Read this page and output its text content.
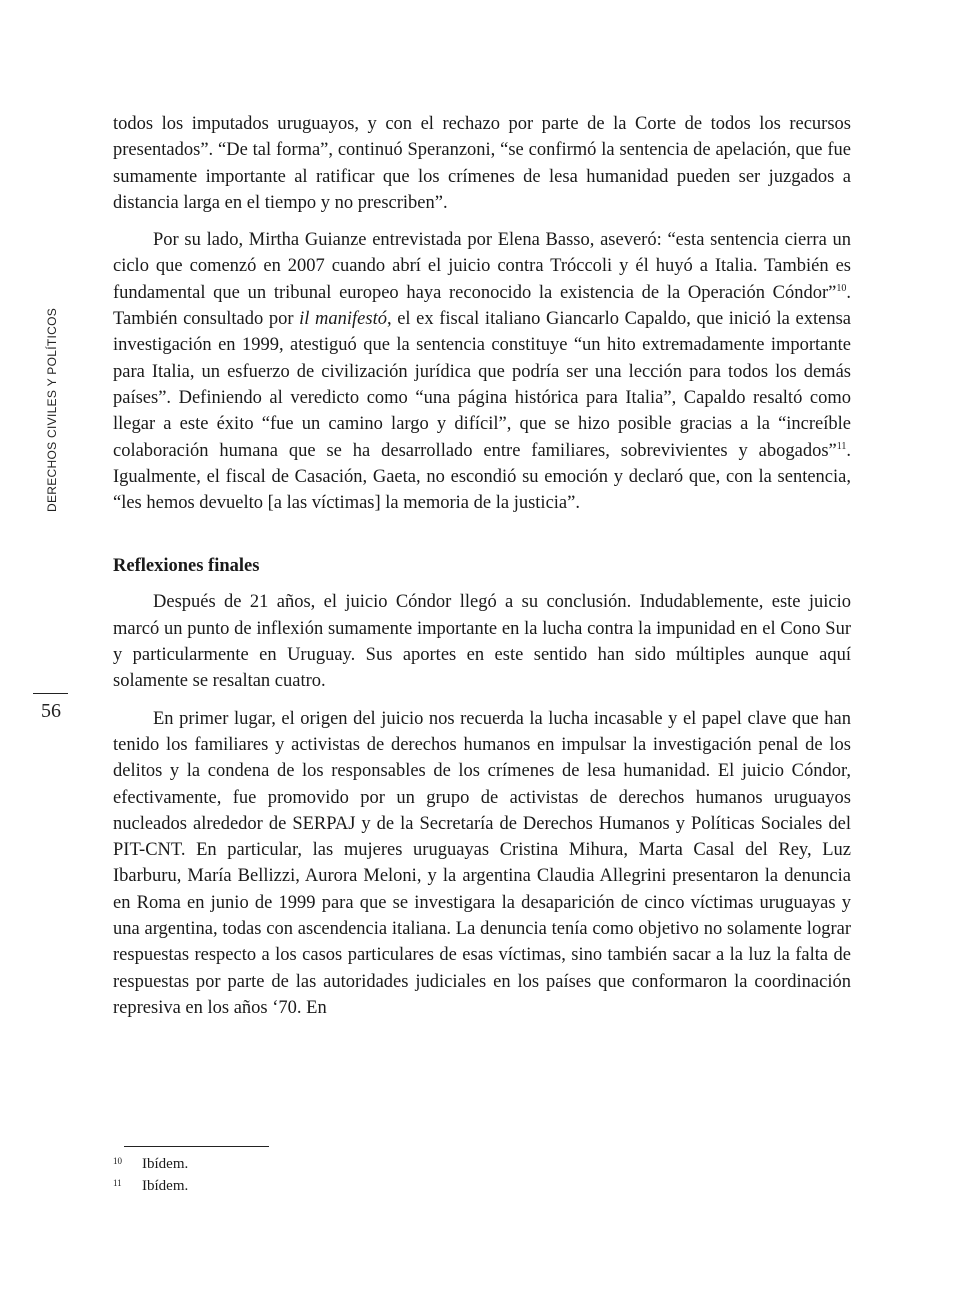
DERECHOS CIVILES Y POLÍTICOS
56

todos los imputados uruguayos, y con el rechazo por parte de la Corte de todos los recursos presentados”. “De tal forma”, continuó Speranzoni, “se confirmó la sentencia de apelación, que fue sumamente importante al ratificar que los crímenes de lesa humanidad pueden ser juzgados a distancia larga en el tiempo y no prescriben”.

Por su lado, Mirtha Guianze entrevistada por Elena Basso, aseveró: “esta sentencia cierra un ciclo que comenzó en 2007 cuando abrí el juicio contra Tróccoli y él huyó a Italia. También es fundamental que un tribunal europeo haya reconocido la existencia de la Operación Cóndor”$^{10}$. También consultado por il manifestó, el ex fiscal italiano Giancarlo Capaldo, que inició la extensa investigación en 1999, atestiguó que la sentencia constituye “un hito extremadamente importante para Italia, un esfuerzo de civilización jurídica que podría ser una lección para todos los demás países”. Definiendo al veredicto como “una página histórica para Italia”, Capaldo resaltó como llegar a este éxito “fue un camino largo y difícil”, que se hizo posible gracias a la “increíble colaboración humana que se ha desarrollado entre familiares, sobrevivientes y abogados”$^{11}$. Igualmente, el fiscal de Casación, Gaeta, no escondió su emoción y declaró que, con la sentencia, “les hemos devuelto [a las víctimas] la memoria de la justicia”.

Reflexiones finales

Después de 21 años, el juicio Cóndor llegó a su conclusión. Indudablemente, este juicio marcó un punto de inflexión sumamente importante en la lucha contra la impunidad en el Cono Sur y particularmente en Uruguay. Sus aportes en este sentido han sido múltiples aunque aquí solamente se resaltan cuatro.

En primer lugar, el origen del juicio nos recuerda la lucha incasable y el papel clave que han tenido los familiares y activistas de derechos humanos en impulsar la investigación penal de los delitos y la condena de los responsables de los crímenes de lesa humanidad. El juicio Cóndor, efectivamente, fue promovido por un grupo de activistas de derechos humanos uruguayos nucleados alrededor de SERPAJ y de la Secretaría de Derechos Humanos y Políticas Sociales del PIT-CNT. En particular, las mujeres uruguayas Cristina Mihura, Marta Casal del Rey, Luz Ibarburu, María Bellizzi, Aurora Meloni, y la argentina Claudia Allegrini presentaron la denuncia en Roma en junio de 1999 para que se investigara la desaparición de cinco víctimas uruguayas y una argentina, todas con ascendencia italiana. La denuncia tenía como objetivo no solamente lograr respuestas respecto a los casos particulares de esas víctimas, sino también sacar a la luz la falta de respuestas por parte de las autoridades judiciales en los países que conformaron la coordinación represiva en los años ‘70. En

10	Ibídem.
11	Ibídem.
